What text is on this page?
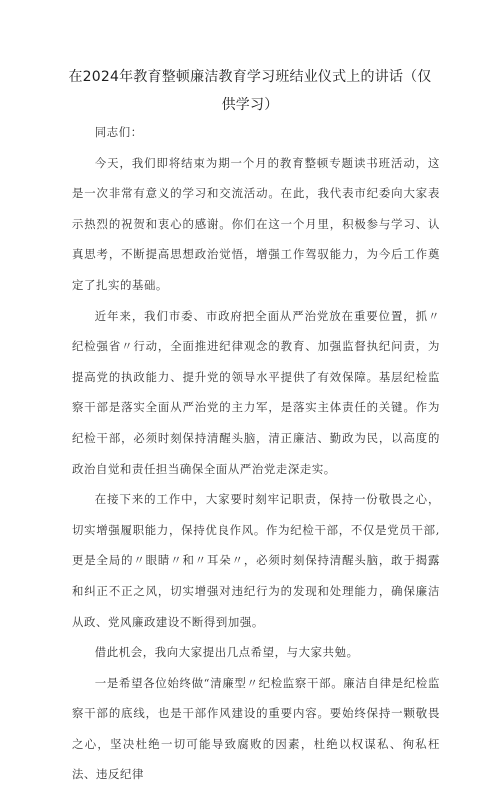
在2024年教育整顿廉洁教育学习班结业仪式上的讲话（仅
供学习）

同志们：

今天，我们即将结束为期一个月的教育整顿专题读书班活动，这是一次非常有意义的学习和交流活动。在此，我代表市纪委向大家表示热烈的祝贺和衷心的感谢。你们在这一个月里，积极参与学习、认真思考，不断提高思想政治觉悟，增强工作驾驭能力，为今后工作奠定了扎实的基础。

近年来，我们市委、市政府把全面从严治党放在重要位置，抓〃纪检强省〃行动，全面推进纪律观念的教育、加强监督执纪问责，为提高党的执政能力、提升党的领导水平提供了有效保障。基层纪检监察干部是落实全面从严治党的主力军，是落实主体责任的关键。作为纪检干部，必须时刻保持清醒头脑，清正廉洁、勤政为民，以高度的政治自觉和责任担当确保全面从严治党走深走实。

在接下来的工作中，大家要时刻牢记职责，保持一份敬畏之心，切实增强履职能力，保持优良作风。作为纪检干部，不仅是党员干部,更是全局的〃眼睛〃和〃耳朵〃，必须时刻保持清醒头脑，敢于揭露和纠正不正之风，切实增强对违纪行为的发现和处理能力，确保廉洁从政、党风廉政建设不断得到加强。

借此机会，我向大家提出几点希望，与大家共勉。

一是希望各位始终做“清廉型〃纪检监察干部。廉洁自律是纪检监察干部的底线，也是干部作风建设的重要内容。要始终保持一颗敬畏之心，坚决杜绝一切可能导致腐败的因素，杜绝以权谋私、徇私枉法、违反纪律
